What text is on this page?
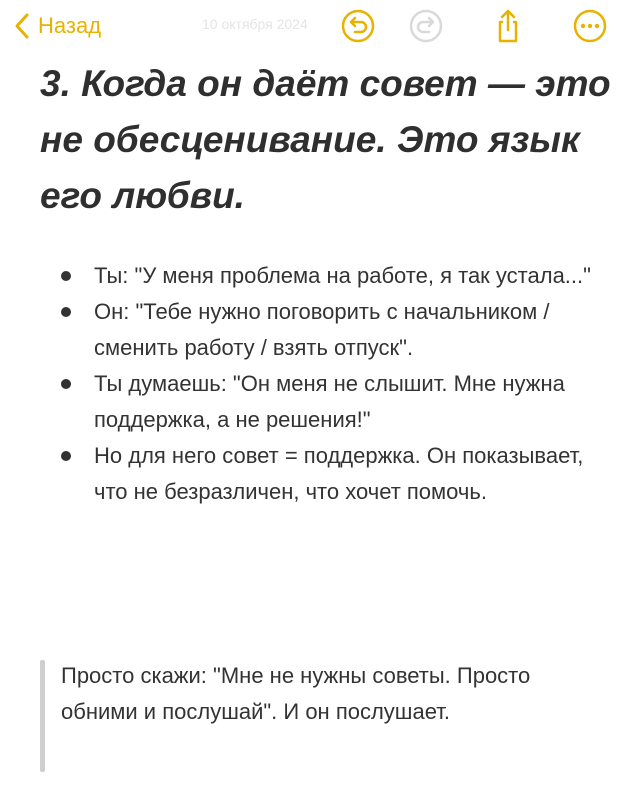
Назад	10 октября 2024
3. Когда он даёт совет — это не обесценивание. Это язык его любви.
Ты: "У меня проблема на работе, я так устала..."
Он: "Тебе нужно поговорить с начальником / сменить работу / взять отпуск".
Ты думаешь: "Он меня не слышит. Мне нужна поддержка, а не решения!"
Но для него совет = поддержка. Он показывает, что не безразличен, что хочет помочь.
Просто скажи: "Мне не нужны советы. Просто обними и послушай". И он послушает.
